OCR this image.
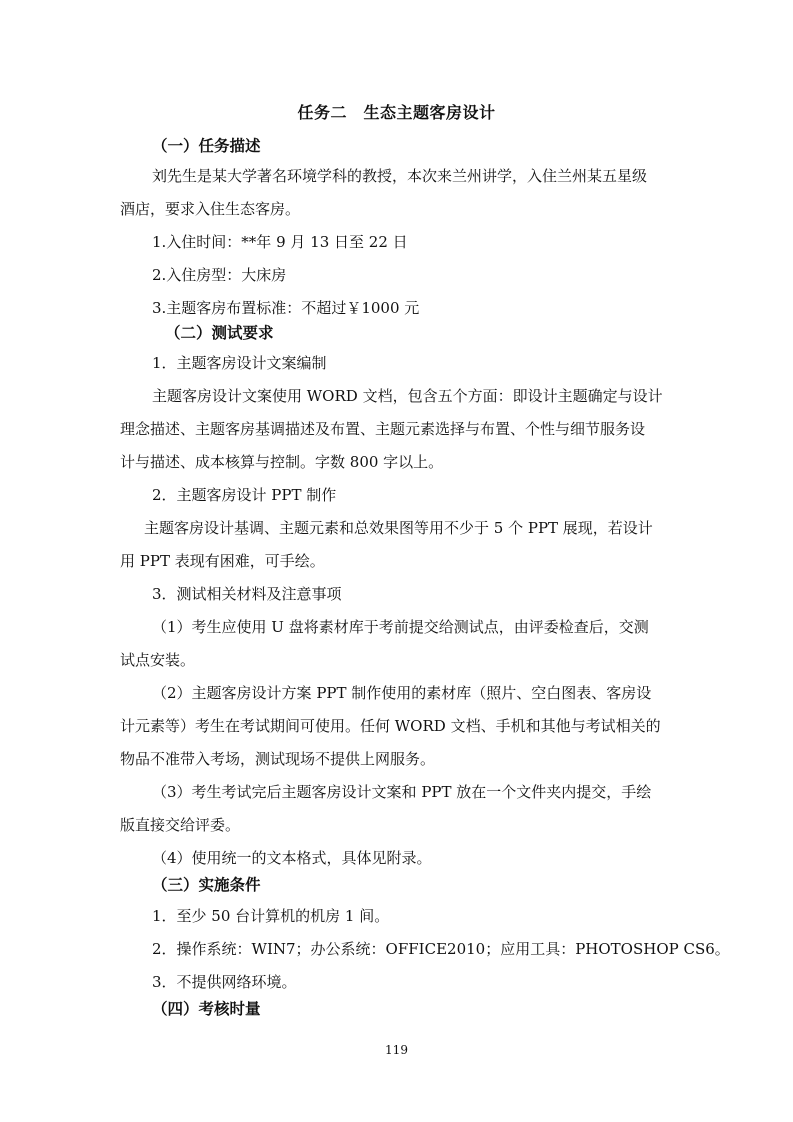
任务二　生态主题客房设计
（一）任务描述
刘先生是某大学著名环境学科的教授，本次来兰州讲学，入住兰州某五星级
酒店，要求入住生态客房。
1.入住时间：**年 9 月 13 日至 22 日
2.入住房型：大床房
3.主题客房布置标准：不超过￥1000 元
（二）测试要求
1．主题客房设计文案编制
主题客房设计文案使用 WORD 文档，包含五个方面：即设计主题确定与设计
理念描述、主题客房基调描述及布置、主题元素选择与布置、个性与细节服务设
计与描述、成本核算与控制。字数 800 字以上。
2．主题客房设计 PPT 制作
主题客房设计基调、主题元素和总效果图等用不少于 5 个 PPT 展现，若设计
用 PPT 表现有困难，可手绘。
3．测试相关材料及注意事项
（1）考生应使用 U 盘将素材库于考前提交给测试点，由评委检查后，交测
试点安装。
（2）主题客房设计方案 PPT 制作使用的素材库（照片、空白图表、客房设
计元素等）考生在考试期间可使用。任何 WORD 文档、手机和其他与考试相关的
物品不准带入考场，测试现场不提供上网服务。
（3）考生考试完后主题客房设计文案和 PPT 放在一个文件夹内提交，手绘
版直接交给评委。
（4）使用统一的文本格式，具体见附录。
（三）实施条件
1．至少 50 台计算机的机房 1 间。
2．操作系统：WIN7；办公系统：OFFICE2010；应用工具：PHOTOSHOP CS6。
3．不提供网络环境。
（四）考核时量
119
